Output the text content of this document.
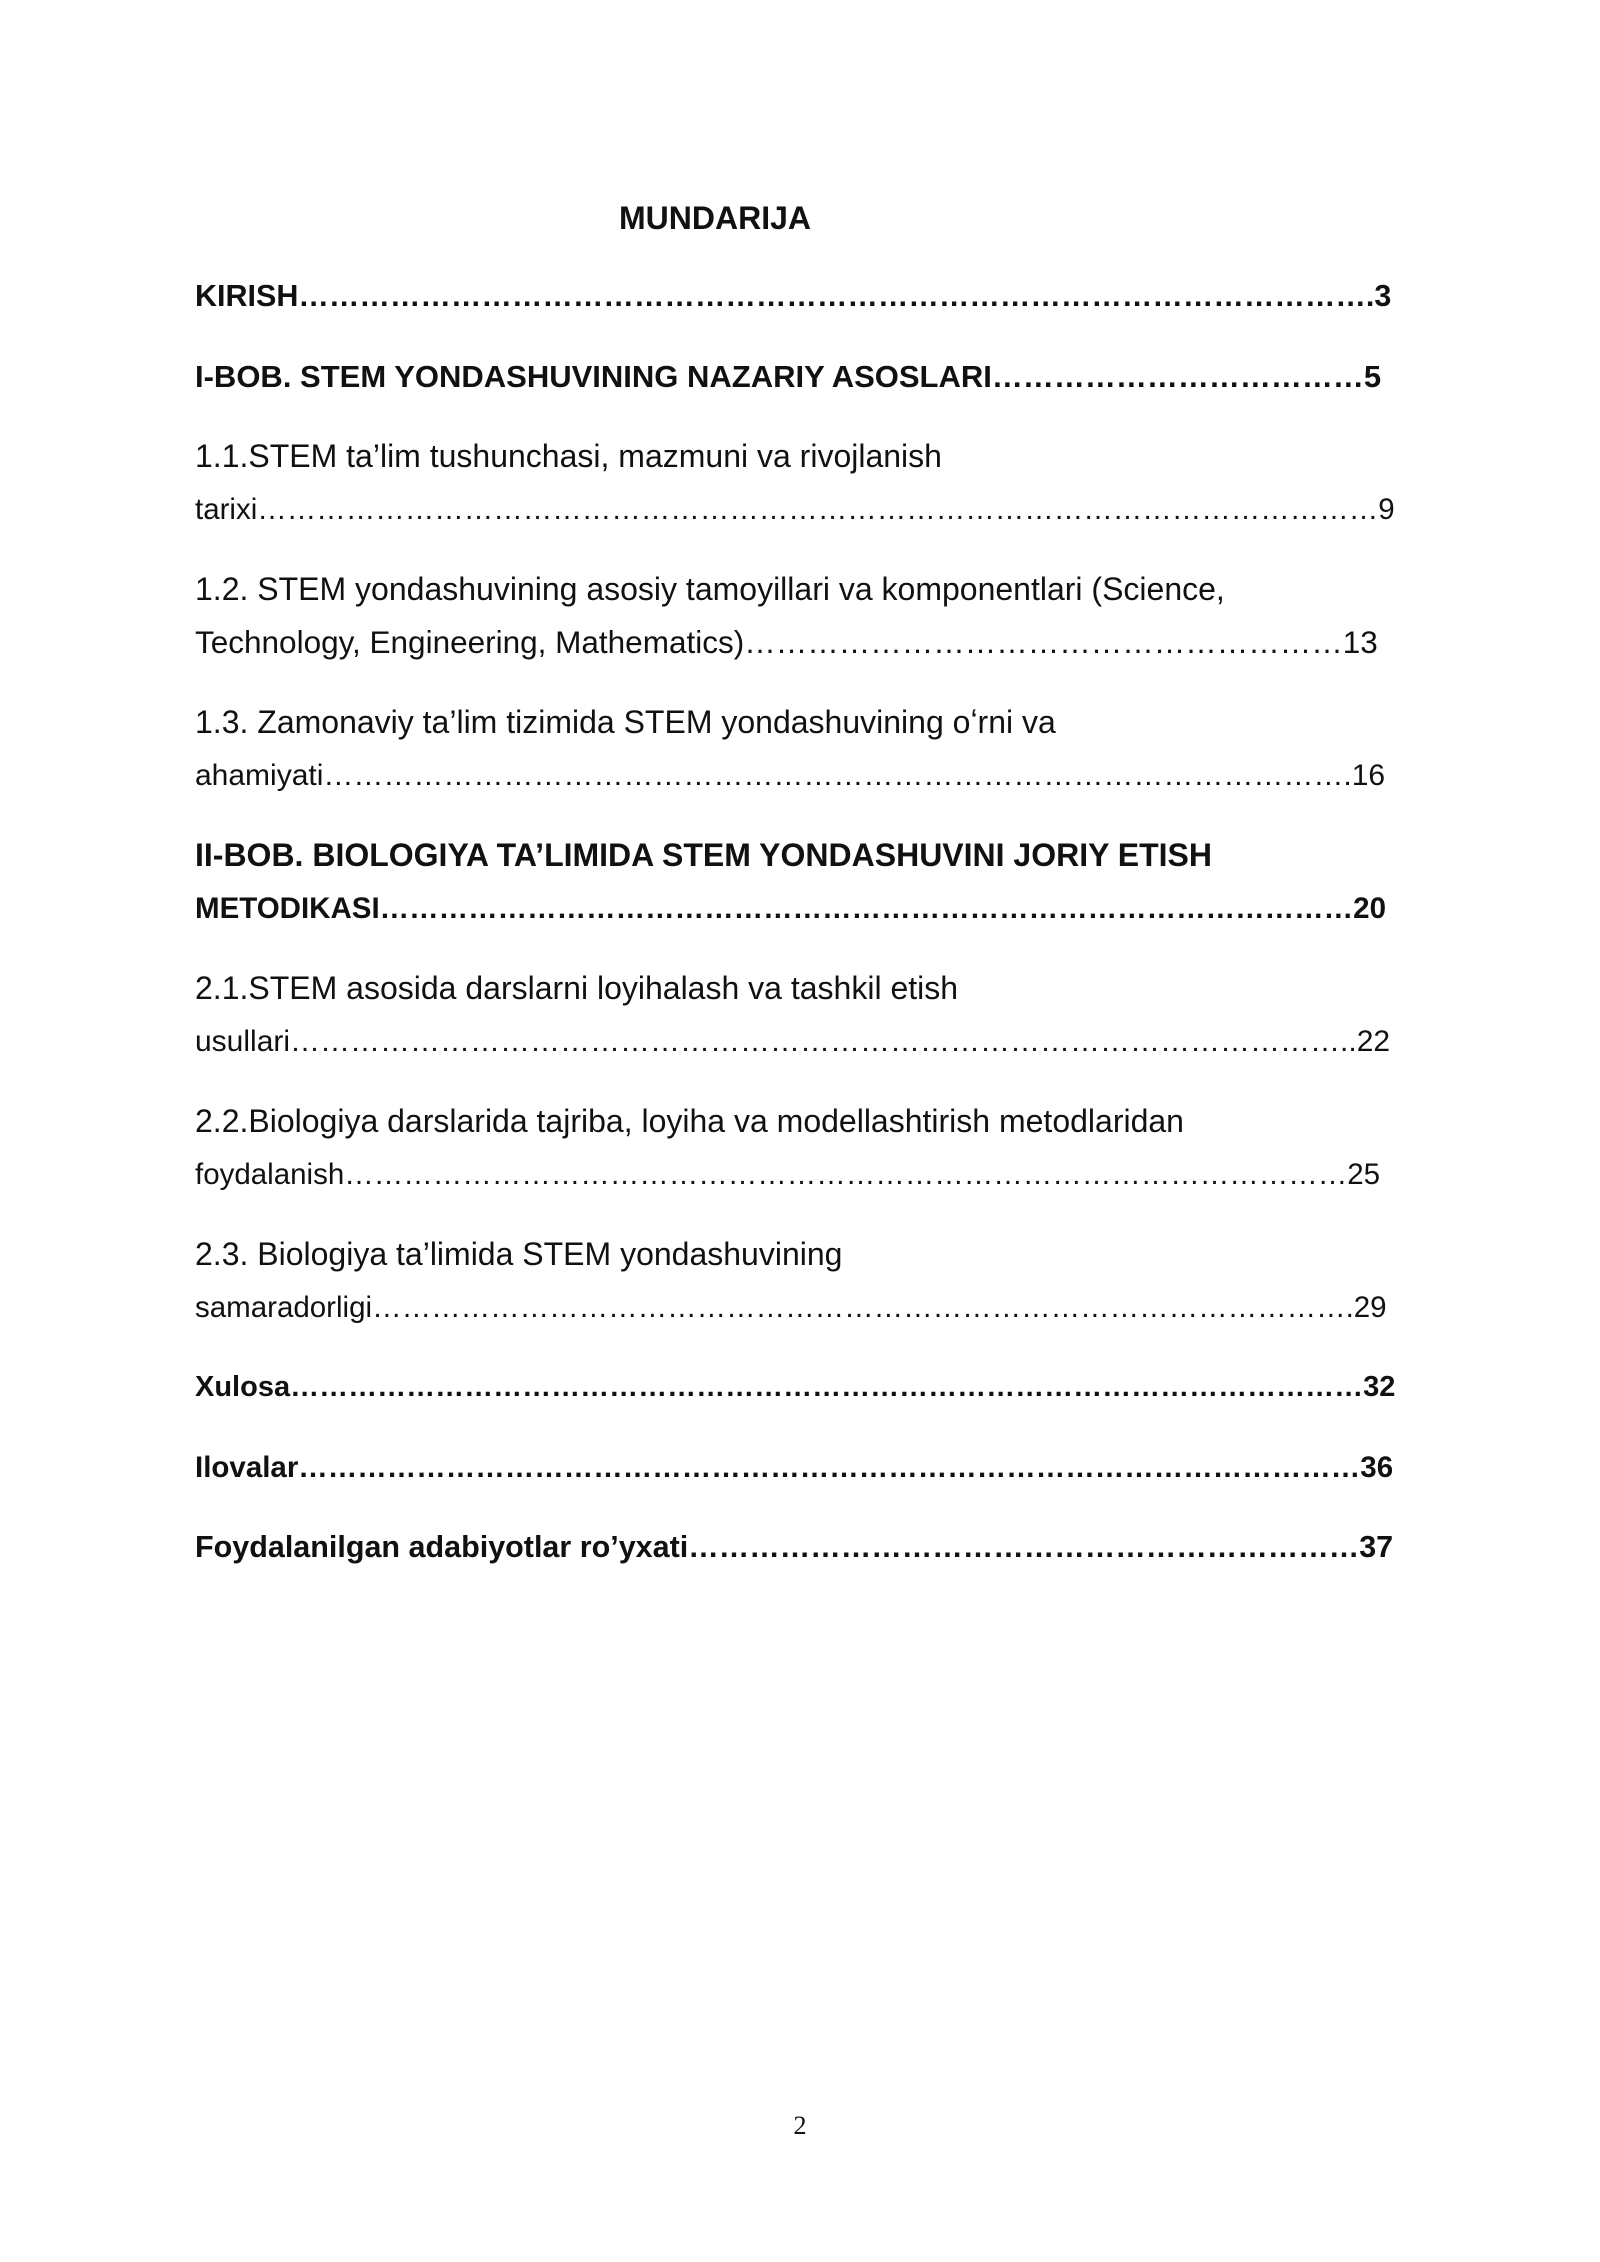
MUNDARIJA
KIRISH…………………………………………………………………………………………….3
I-BOB. STEM YONDASHUVINING NAZARIY ASOSLARI………………………………5
1.1.STEM ta’lim tushunchasi, mazmuni va rivojlanish
tarixi……………………………………………………………………………………………………9
1.2. STEM yondashuvining asosiy tamoyillari va komponentlari (Science,
Technology, Engineering, Mathematics)…………………………………………………13
1.3. Zamonaviy ta’lim tizimida STEM yondashuvining oʻrni va
ahamiyati………………………………………………………………………………………….16
II-BOB. BIOLOGIYA TA’LIMIDA STEM YONDASHUVINI JORIY ETISH
METODIKASI………………………………………………………………………………………20
2.1.STEM asosida darslarni loyihalash va tashkil etish
usullari……………………………………………………………………………………………..22
2.2.Biologiya darslarida tajriba, loyiha va modellashtirish metodlaridan
foydalanish…………………………………………………………………………………………25
2.3. Biologiya ta’limida STEM yondashuvining
samaradorligi……………………………………………………………………………………….29
Xulosa…………………………………………………………………………………………………32
Ilovalar………………………………………………………………………………………………36
Foydalanilgan adabiyotlar ro’yxati…………………………………………………………37
2
